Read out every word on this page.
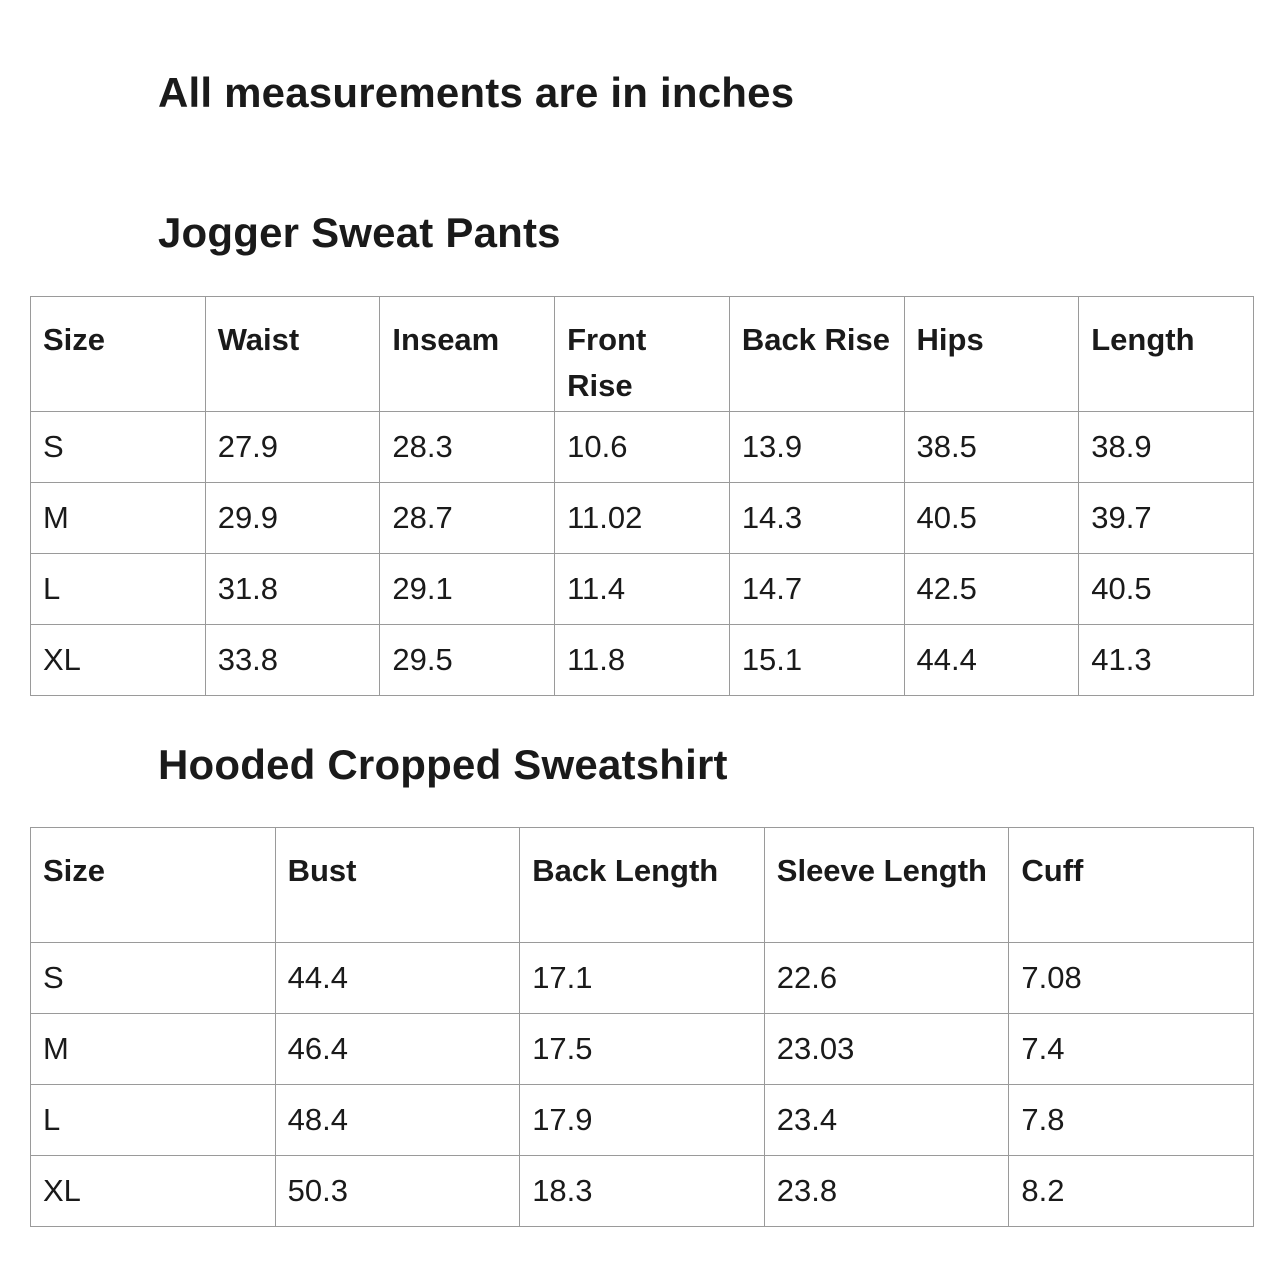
All measurements are in inches
Jogger Sweat Pants
Size	Waist	Inseam	Front Rise	Back Rise	Hips	Length
S	27.9	28.3	10.6	13.9	38.5	38.9
M	29.9	28.7	11.02	14.3	40.5	39.7
L	31.8	29.1	11.4	14.7	42.5	40.5
XL	33.8	29.5	11.8	15.1	44.4	41.3
Hooded Cropped Sweatshirt
Size	Bust	Back Length	Sleeve Length	Cuff
S	44.4	17.1	22.6	7.08
M	46.4	17.5	23.03	7.4
L	48.4	17.9	23.4	7.8
XL	50.3	18.3	23.8	8.2
